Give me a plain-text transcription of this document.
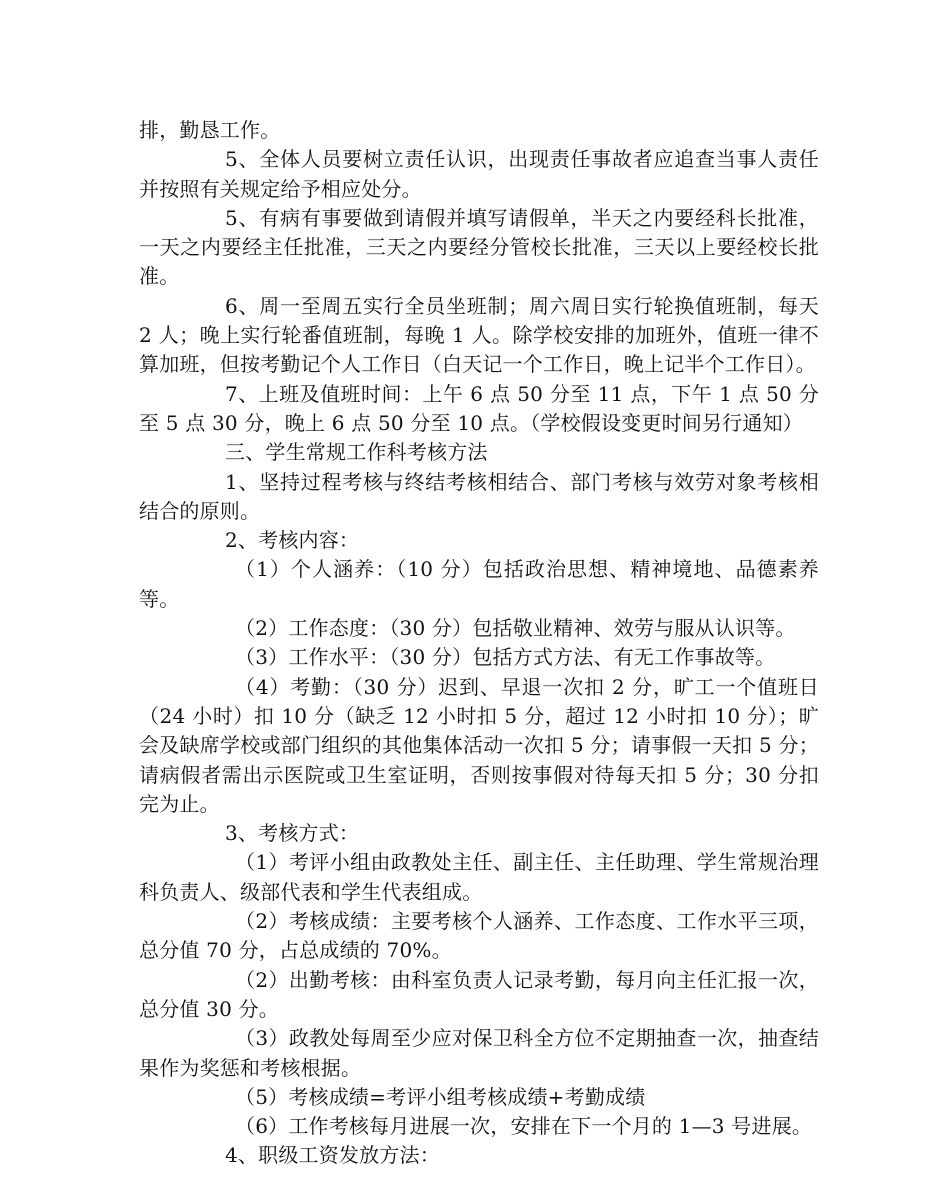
排，勤恳工作。

5、全体人员要树立责任认识，出现责任事故者应追查当事人责任并按照有关规定给予相应处分。

5、有病有事要做到请假并填写请假单，半天之内要经科长批准，一天之内要经主任批准，三天之内要经分管校长批准，三天以上要经校长批准。

6、周一至周五实行全员坐班制；周六周日实行轮换值班制，每天 2 人；晚上实行轮番值班制，每晚 1 人。除学校安排的加班外，值班一律不算加班，但按考勤记个人工作日（白天记一个工作日，晚上记半个工作日）。

7、上班及值班时间：上午 6 点 50 分至 11 点，下午 1 点 50 分至 5 点 30 分，晚上 6 点 50 分至 10 点。（学校假设变更时间另行通知）

三、学生常规工作科考核方法

1、坚持过程考核与终结考核相结合、部门考核与效劳对象考核相结合的原则。

2、考核内容：

（1）个人涵养：（10 分）包括政治思想、精神境地、品德素养等。

（2）工作态度：（30 分）包括敬业精神、效劳与服从认识等。

（3）工作水平：（30 分）包括方式方法、有无工作事故等。

（4）考勤：（30 分）迟到、早退一次扣 2 分，旷工一个值班日（24 小时）扣 10 分（缺乏 12 小时扣 5 分，超过 12 小时扣 10 分）；旷会及缺席学校或部门组织的其他集体活动一次扣 5 分；请事假一天扣 5 分；请病假者需出示医院或卫生室证明，否则按事假对待每天扣 5 分；30 分扣完为止。

3、考核方式：

（1）考评小组由政教处主任、副主任、主任助理、学生常规治理科负责人、级部代表和学生代表组成。

（2）考核成绩：主要考核个人涵养、工作态度、工作水平三项，总分值 70 分，占总成绩的 70%。

（2）出勤考核：由科室负责人记录考勤，每月向主任汇报一次，总分值 30 分。

（3）政教处每周至少应对保卫科全方位不定期抽查一次，抽查结果作为奖惩和考核根据。

（5）考核成绩=考评小组考核成绩+考勤成绩

（6）工作考核每月进展一次，安排在下一个月的 1—3 号进展。

4、职级工资发放方法：
